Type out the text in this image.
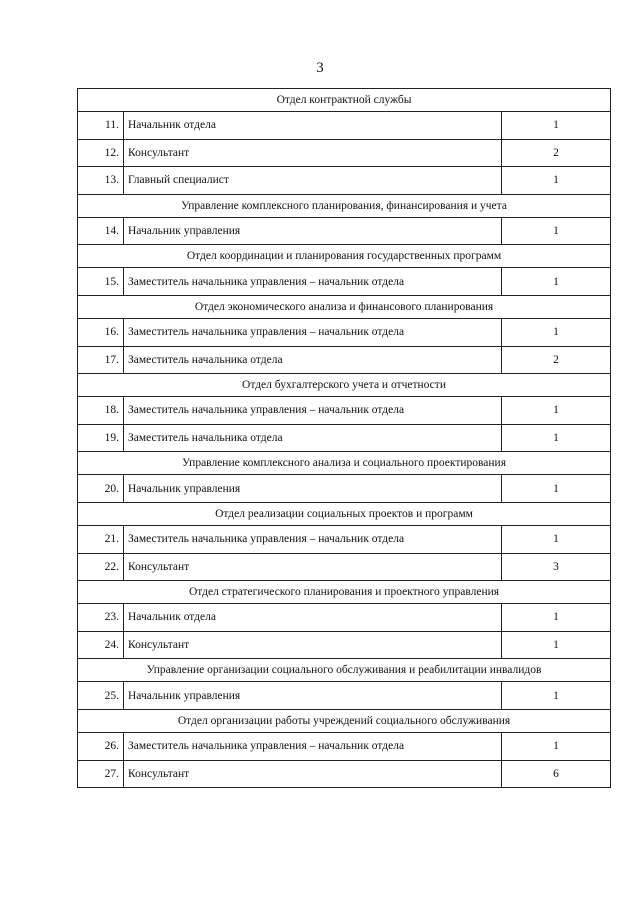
3
Отдел контрактной службы		
11.	Начальник отдела	1
12.	Консультант	2
13.	Главный специалист	1
Управление комплексного планирования, финансирования и учета		
14.	Начальник управления	1
Отдел координации и планирования государственных программ		
15.	Заместитель начальника управления – начальник отдела	1
Отдел экономического анализа и финансового планирования		
16.	Заместитель начальника управления – начальник отдела	1
17.	Заместитель начальника отдела	2
Отдел бухгалтерского учета и отчетности		
18.	Заместитель начальника управления – начальник отдела	1
19.	Заместитель начальника отдела	1
Управление комплексного анализа и социального проектирования		
20.	Начальник управления	1
Отдел реализации социальных проектов и программ		
21.	Заместитель начальника управления – начальник отдела	1
22.	Консультант	3
Отдел стратегического планирования и проектного управления		
23.	Начальник отдела	1
24.	Консультант	1
Управление организации социального обслуживания и реабилитации инвалидов		
25.	Начальник управления	1
Отдел организации работы учреждений социального обслуживания		
26.	Заместитель начальника управления – начальник отдела	1
27.	Консультант	6
